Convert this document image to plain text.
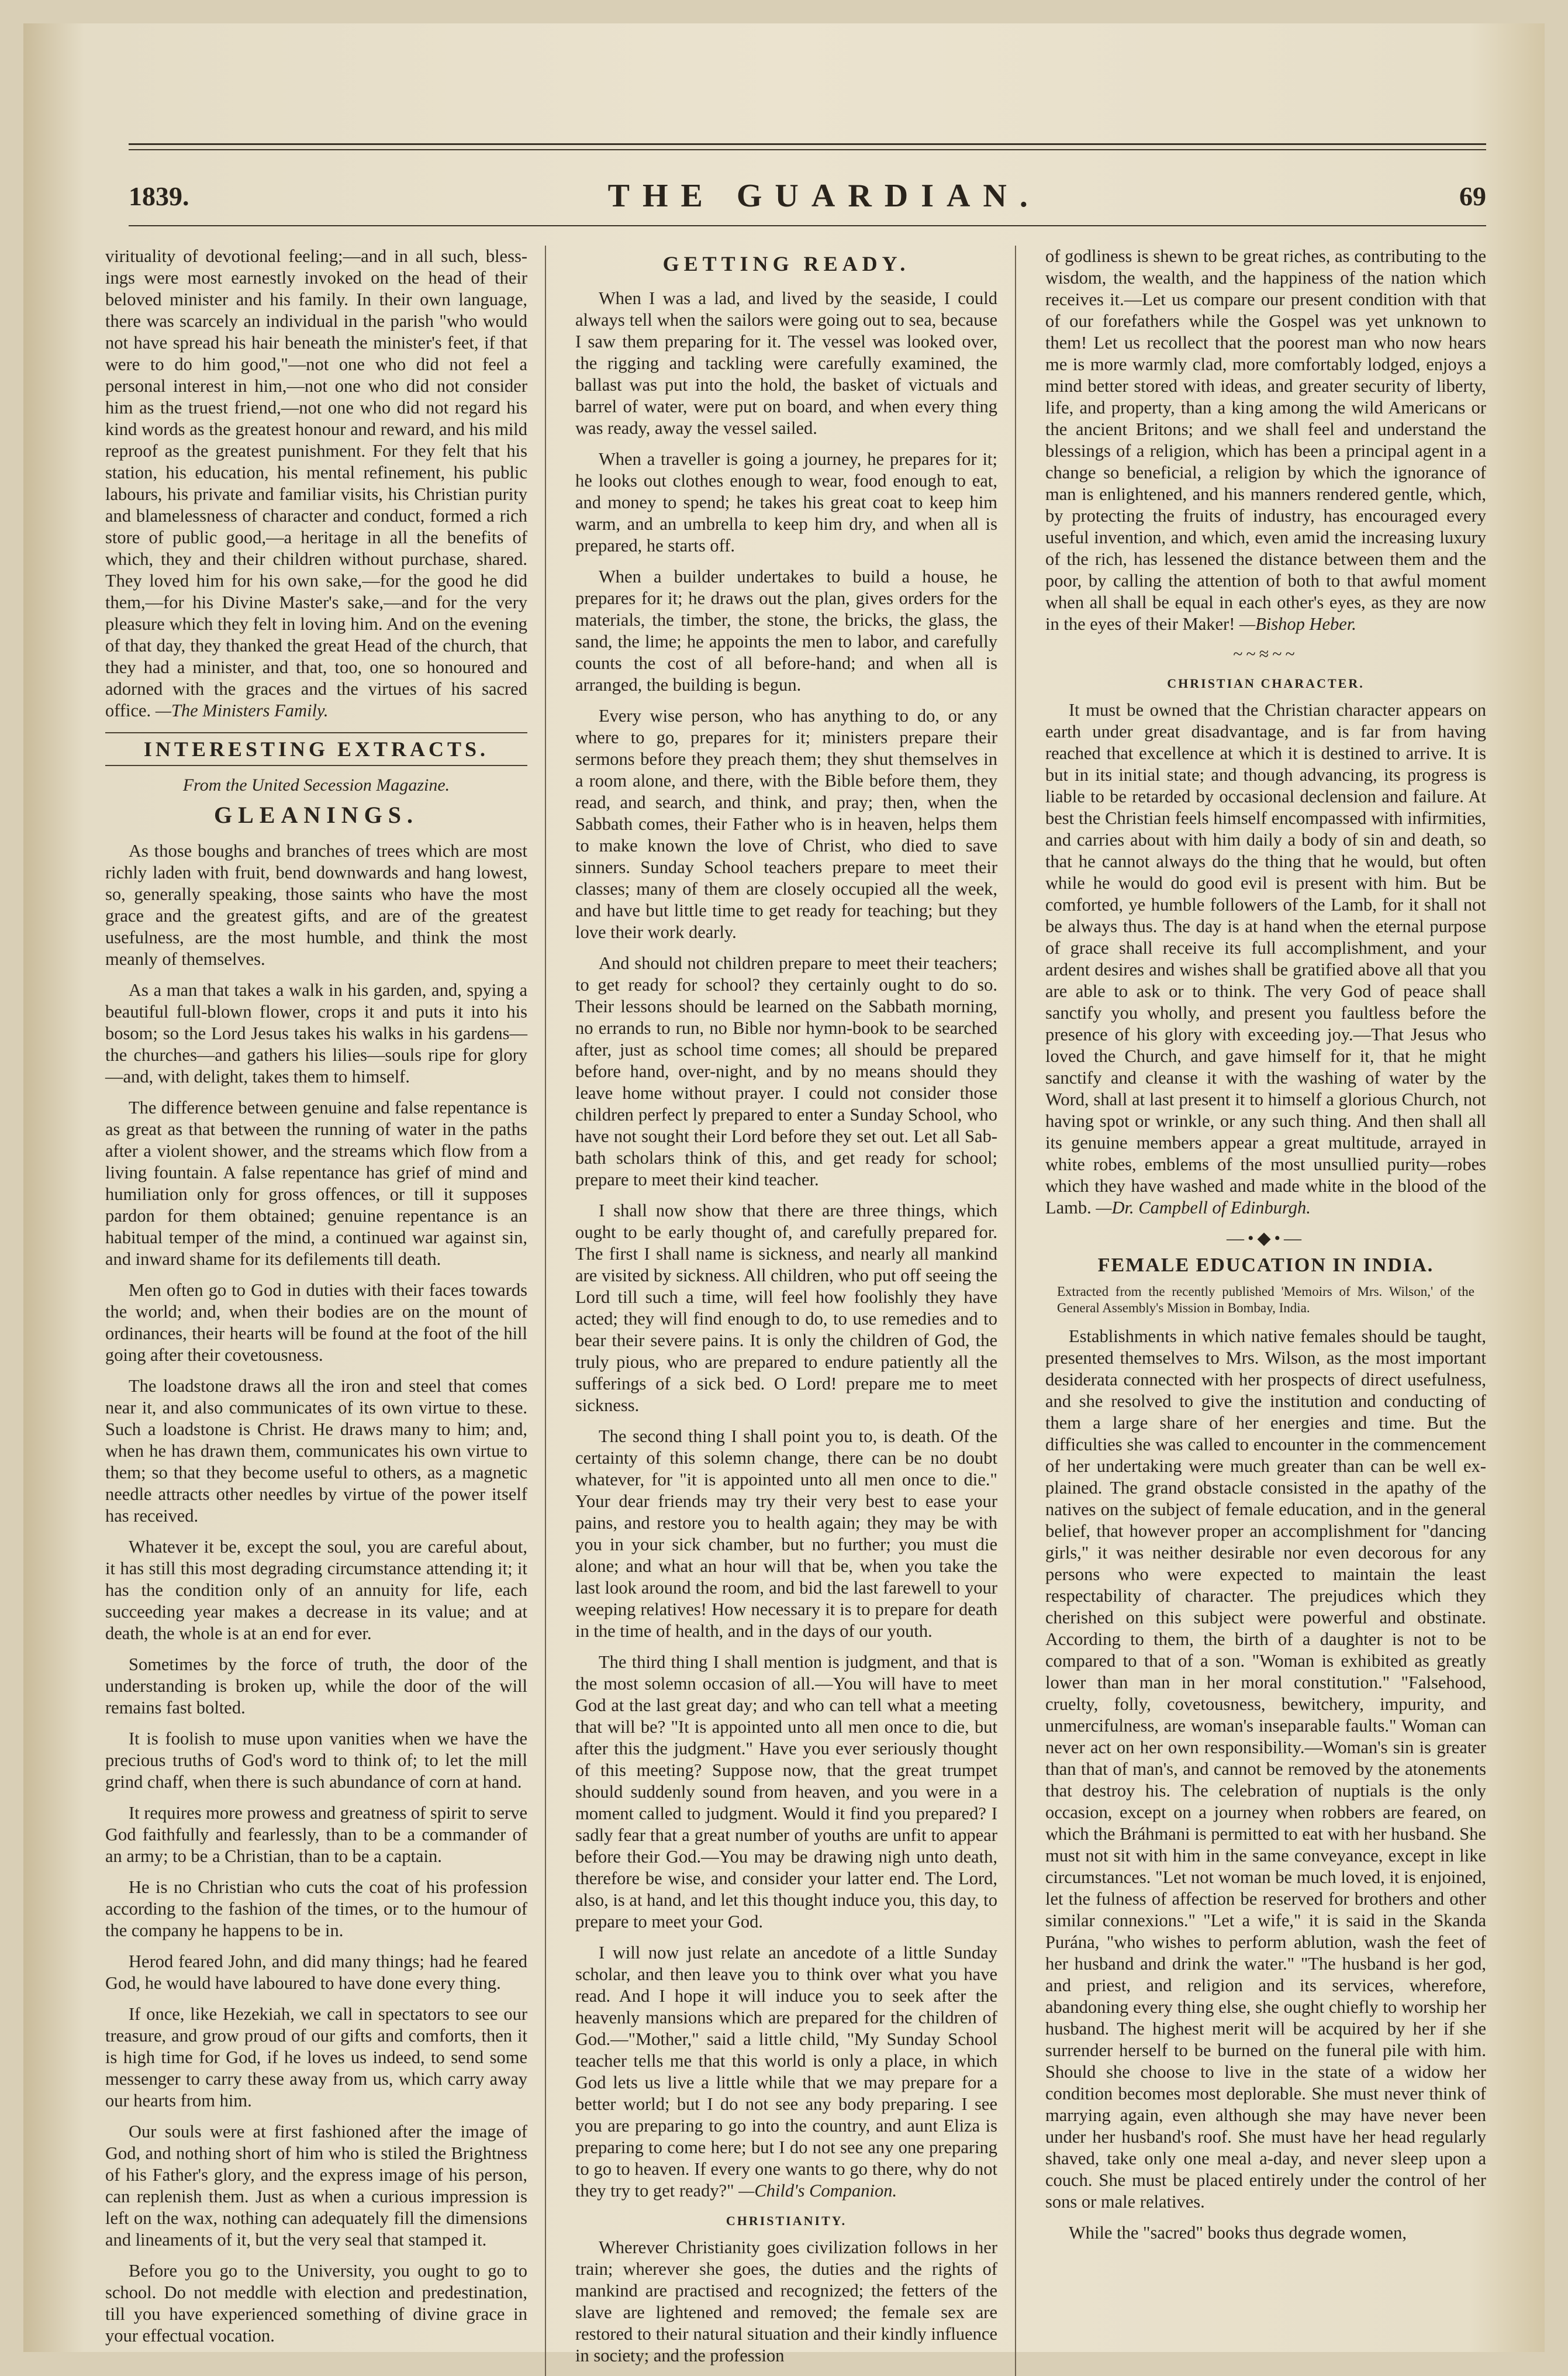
1839.	THE GUARDIAN.	69

virituality of devotional feeling;—and in all such, blessings were most earnestly invoked on the head of their beloved minister and his family. In their own language, there was scarcely an individual in the parish "who would not have spread his hair beneath the minister's feet, if that were to do him good,"—not one who did not feel a personal interest in him,—not one who did not consider him as the truest friend,—not one who did not regard his kind words as the greatest honour and reward, and his mild reproof as the greatest punishment. For they felt that his station, his education, his mental refinement, his public labours, his private and familiar visits, his Christian purity and blamelessness of character and conduct, formed a rich store of public good,—a heritage in all the benefits of which, they and their children without purchase, shared. They loved him for his own sake,—for the good he did them,—for his Divine Master's sake,—and for the very pleasure which they felt in loving him. And on the evening of that day, they thanked the great Head of the church, that they had a minister, and that, too, one so honoured and adorned with the graces and the virtues of his sacred office. —The Ministers Family.

INTERESTING EXTRACTS.
From the United Secession Magazine.
GLEANINGS.

As those boughs and branches of trees which are most richly laden with fruit, bend downwards and hang lowest, so, generally speaking, those saints who have the most grace and the greatest gifts, and are of the greatest usefulness, are the most humble, and think the most meanly of themselves.

As a man that takes a walk in his garden, and, spying a beautiful full-blown flower, crops it and puts it into his bosom; so the Lord Jesus takes his walks in his gardens—the churches—and gathers his lilies—souls ripe for glory—and, with delight, takes them to himself.

The difference between genuine and false repentance is as great as that between the running of water in the paths after a violent shower, and the streams which flow from a living fountain. A false repentance has grief of mind and humiliation only for gross offences, or till it supposes pardon for them obtained; genuine repentance is an habitual temper of the mind, a continued war against sin, and inward shame for its defilements till death.

Men often go to God in duties with their faces towards the world; and, when their bodies are on the mount of ordinances, their hearts will be found at the foot of the hill going after their covetousness.

The loadstone draws all the iron and steel that comes near it, and also communicates of its own virtue to these. Such a loadstone is Christ. He draws many to him; and, when he has drawn them, communicates his own virtue to them; so that they become useful to others, as a magnetic needle attracts other needles by virtue of the power itself has received.

Whatever it be, except the soul, you are careful about, it has still this most degrading circumstance attending it; it has the condition only of an annuity for life, each succeeding year makes a decrease in its value; and at death, the whole is at an end for ever.

Sometimes by the force of truth, the door of the understanding is broken up, while the door of the will remains fast bolted.

It is foolish to muse upon vanities when we have the precious truths of God's word to think of; to let the mill grind chaff, when there is such abundance of corn at hand.

It requires more prowess and greatness of spirit to serve God faithfully and fearlessly, than to be a commander of an army; to be a Christian, than to be a captain.

He is no Christian who cuts the coat of his profession according to the fashion of the times, or to the humour of the company he happens to be in.

Herod feared John, and did many things; had he feared God, he would have laboured to have done every thing.

If once, like Hezekiah, we call in spectators to see our treasure, and grow proud of our gifts and comforts, then it is high time for God, if he loves us indeed, to send some messenger to carry these away from us, which carry away our hearts from him.

Our souls were at first fashioned after the image of God, and nothing short of him who is stiled the Brightness of his Father's glory, and the express image of his person, can replenish them. Just as when a curious impression is left on the wax, nothing can adequately fill the dimensions and lineaments of it, but the very seal that stamped it.

Before you go to the University, you ought to go to school. Do not meddle with election and predestination, till you have experienced something of divine grace in your effectual vocation.

GETTING READY.

When I was a lad, and lived by the seaside, I could always tell when the sailors were going out to sea, because I saw them preparing for it. The vessel was looked over, the rigging and tackling were carefully examined, the ballast was put into the hold, the basket of victuals and barrel of water, were put on board, and when every thing was ready, away the vessel sailed.

When a traveller is going a journey, he prepares for it; he looks out clothes enough to wear, food enough to eat, and money to spend; he takes his great coat to keep him warm, and an umbrella to keep him dry, and when all is prepared, he starts off.

When a builder undertakes to build a house, he prepares for it; he draws out the plan, gives orders for the materials, the timber, the stone, the bricks, the glass, the sand, the lime; he appoints the men to labor, and carefully counts the cost of all before-hand; and when all is arranged, the building is begun.

Every wise person, who has anything to do, or any where to go, prepares for it; ministers prepare their sermons before they preach them; they shut themselves in a room alone, and there, with the Bible before them, they read, and search, and think, and pray; then, when the Sabbath comes, their Father who is in heaven, helps them to make known the love of Christ, who died to save sinners. Sunday School teachers prepare to meet their classes; many of them are closely occupied all the week, and have but little time to get ready for teaching; but they love their work dearly.

And should not children prepare to meet their teachers; to get ready for school? they certainly ought to do so. Their lessons should be learned on the Sabbath morning, no errands to run, no Bible nor hymn-book to be searched after, just as school time comes; all should be prepared before hand, over-night, and by no means should they leave home without prayer. I could not consider those children perfect ly prepared to enter a Sunday School, who have not sought their Lord before they set out. Let all Sabbath scholars think of this, and get ready for school; prepare to meet their kind teacher.

I shall now show that there are three things, which ought to be early thought of, and carefully prepared for. The first I shall name is sickness, and nearly all mankind are visited by sickness. All children, who put off seeing the Lord till such a time, will feel how foolishly they have acted; they will find enough to do, to use remedies and to bear their severe pains. It is only the children of God, the truly pious, who are prepared to endure patiently all the sufferings of a sick bed. O Lord! prepare me to meet sickness.

The second thing I shall point you to, is death. Of the certainty of this solemn change, there can be no doubt whatever, for "it is appointed unto all men once to die." Your dear friends may try their very best to ease your pains, and restore you to health again; they may be with you in your sick chamber, but no further; you must die alone; and what an hour will that be, when you take the last look around the room, and bid the last farewell to your weeping relatives! How necessary it is to prepare for death in the time of health, and in the days of our youth.

The third thing I shall mention is judgment, and that is the most solemn occasion of all.—You will have to meet God at the last great day; and who can tell what a meeting that will be? "It is appointed unto all men once to die, but after this the judgment." Have you ever seriously thought of this meeting? Suppose now, that the great trumpet should suddenly sound from heaven, and you were in a moment called to judgment. Would it find you prepared? I sadly fear that a great number of youths are unfit to appear before their God.—You may be drawing nigh unto death, therefore be wise, and consider your latter end. The Lord, also, is at hand, and let this thought induce you, this day, to prepare to meet your God.

I will now just relate an ancedote of a little Sunday scholar, and then leave you to think over what you have read. And I hope it will induce you to seek after the heavenly mansions which are prepared for the children of God.—"Mother," said a little child, "My Sunday School teacher tells me that this world is only a place, in which God lets us live a little while that we may prepare for a better world; but I do not see any body preparing. I see you are preparing to go into the country, and aunt Eliza is preparing to come here; but I do not see any one preparing to go to heaven. If every one wants to go there, why do not they try to get ready?" —Child's Companion.

CHRISTIANITY.

Wherever Christianity goes civilization follows in her train; wherever she goes, the duties and the rights of mankind are practised and recognized; the fetters of the slave are lightened and removed; the female sex are restored to their natural situation and their kindly influence in society; and the profession

of godliness is shewn to be great riches, as contributing to the wisdom, the wealth, and the happiness of the nation which receives it.—Let us compare our present condition with that of our forefathers while the Gospel was yet unknown to them! Let us recollect that the poorest man who now hears me is more warmly clad, more comfortably lodged, enjoys a mind better stored with ideas, and greater security of liberty, life, and property, than a king among the wild Americans or the ancient Britons; and we shall feel and understand the blessings of a religion, which has been a principal agent in a change so beneficial, a religion by which the ignorance of man is enlightened, and his manners rendered gentle, which, by protecting the fruits of industry, has encouraged every useful invention, and which, even amid the increasing luxury of the rich, has lessened the distance between them and the poor, by calling the attention of both to that awful moment when all shall be equal in each other's eyes, as they are now in the eyes of their Maker! —Bishop Heber.

~~≈~~
CHRISTIAN CHARACTER.

It must be owned that the Christian character appears on earth under great disadvantage, and is far from having reached that excellence at which it is destined to arrive. It is but in its initial state; and though advancing, its progress is liable to be retarded by occasional declension and failure. At best the Christian feels himself encompassed with infirmities, and carries about with him daily a body of sin and death, so that he cannot always do the thing that he would, but often while he would do good evil is present with him. But be comforted, ye humble followers of the Lamb, for it shall not be always thus. The day is at hand when the eternal purpose of grace shall receive its full accomplishment, and your ardent desires and wishes shall be gratified above all that you are able to ask or to think. The very God of peace shall sanctify you wholly, and present you faultless before the presence of his glory with exceeding joy.—That Jesus who loved the Church, and gave himself for it, that he might sanctify and cleanse it with the washing of water by the Word, shall at last present it to himself a glorious Church, not having spot or wrinkle, or any such thing. And then shall all its genuine members appear a great multitude, arrayed in white robes, emblems of the most unsullied purity—robes which they have washed and made white in the blood of the Lamb. —Dr. Campbell of Edinburgh.

—•◆•—
FEMALE EDUCATION IN INDIA.

Extracted from the recently published 'Memoirs of Mrs. Wilson,' of the General Assembly's Mission in Bombay, India.

Establishments in which native females should be taught, presented themselves to Mrs. Wilson, as the most important desiderata connected with her prospects of direct usefulness, and she resolved to give the institution and conducting of them a large share of her energies and time. But the difficulties she was called to encounter in the commencement of her undertaking were much greater than can be well explained. The grand obstacle consisted in the apathy of the natives on the subject of female education, and in the general belief, that however proper an accomplishment for "dancing girls," it was neither desirable nor even decorous for any persons who were expected to maintain the least respectability of character. The prejudices which they cherished on this subject were powerful and obstinate. According to them, the birth of a daughter is not to be compared to that of a son. "Woman is exhibited as greatly lower than man in her moral constitution." "Falsehood, cruelty, folly, covetousness, bewitchery, impurity, and unmercifulness, are woman's inseparable faults." Woman can never act on her own responsibility.—Woman's sin is greater than that of man's, and cannot be removed by the atonements that destroy his. The celebration of nuptials is the only occasion, except on a journey when robbers are feared, on which the Bráhmani is permitted to eat with her husband. She must not sit with him in the same conveyance, except in like circumstances. "Let not woman be much loved, it is enjoined, let the fulness of affection be reserved for brothers and other similar connexions." "Let a wife," it is said in the Skanda Purána, "who wishes to perform ablution, wash the feet of her husband and drink the water." "The husband is her god, and priest, and religion and its services, wherefore, abandoning every thing else, she ought chiefly to worship her husband. The highest merit will be acquired by her if she surrender herself to be burned on the funeral pile with him. Should she choose to live in the state of a widow her condition becomes most deplorable. She must never think of marrying again, even although she may have never been under her husband's roof. She must have her head regularly shaved, take only one meal a-day, and never sleep upon a couch. She must be placed entirely under the control of her sons or male relatives.

While the "sacred" books thus degrade women,
